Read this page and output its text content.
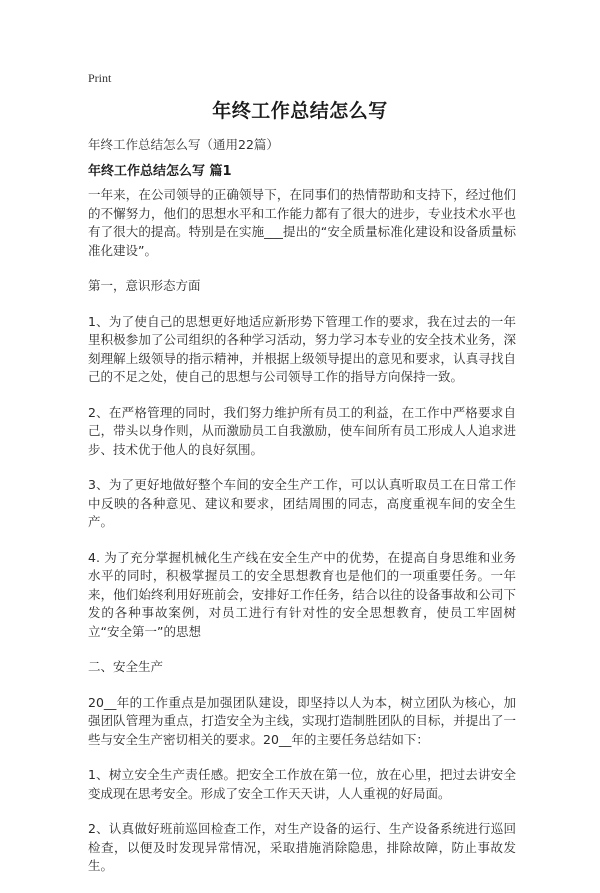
Print
年终工作总结怎么写
年终工作总结怎么写（通用22篇）
年终工作总结怎么写 篇1

一年来，在公司领导的正确领导下，在同事们的热情帮助和支持下，经过他们的不懈努力，他们的思想水平和工作能力都有了很大的进步，专业技术水平也有了很大的提高。特别是在实施___提出的“安全质量标准化建设和设备质量标准化建设”。

第一，意识形态方面

1、为了使自己的思想更好地适应新形势下管理工作的要求，我在过去的一年里积极参加了公司组织的各种学习活动，努力学习本专业的安全技术业务，深刻理解上级领导的指示精神，并根据上级领导提出的意见和要求，认真寻找自己的不足之处，使自己的思想与公司领导工作的指导方向保持一致。

2、在严格管理的同时，我们努力维护所有员工的利益，在工作中严格要求自己，带头以身作则，从而激励员工自我激励，使车间所有员工形成人人追求进步、技术优于他人的良好氛围。

3、为了更好地做好整个车间的安全生产工作，可以认真听取员工在日常工作中反映的各种意见、建议和要求，团结周围的同志，高度重视车间的安全生产。

4. 为了充分掌握机械化生产线在安全生产中的优势，在提高自身思维和业务水平的同时，积极掌握员工的安全思想教育也是他们的一项重要任务。一年来，他们始终利用好班前会，安排好工作任务，结合以往的设备事故和公司下发的各种事故案例，对员工进行有针对性的安全思想教育，使员工牢固树立“安全第一”的思想

二、安全生产

20__年的工作重点是加强团队建设，即坚持以人为本，树立团队为核心，加强团队管理为重点，打造安全为主线，实现打造制胜团队的目标，并提出了一些与安全生产密切相关的要求。20__年的主要任务总结如下：

1、树立安全生产责任感。把安全工作放在第一位，放在心里，把过去讲安全变成现在思考安全。形成了安全工作天天讲，人人重视的好局面。

2、认真做好班前巡回检查工作，对生产设备的运行、生产设备系统进行巡回检查，以便及时发现异常情况，采取措施消除隐患，排除故障，防止事故发生。
